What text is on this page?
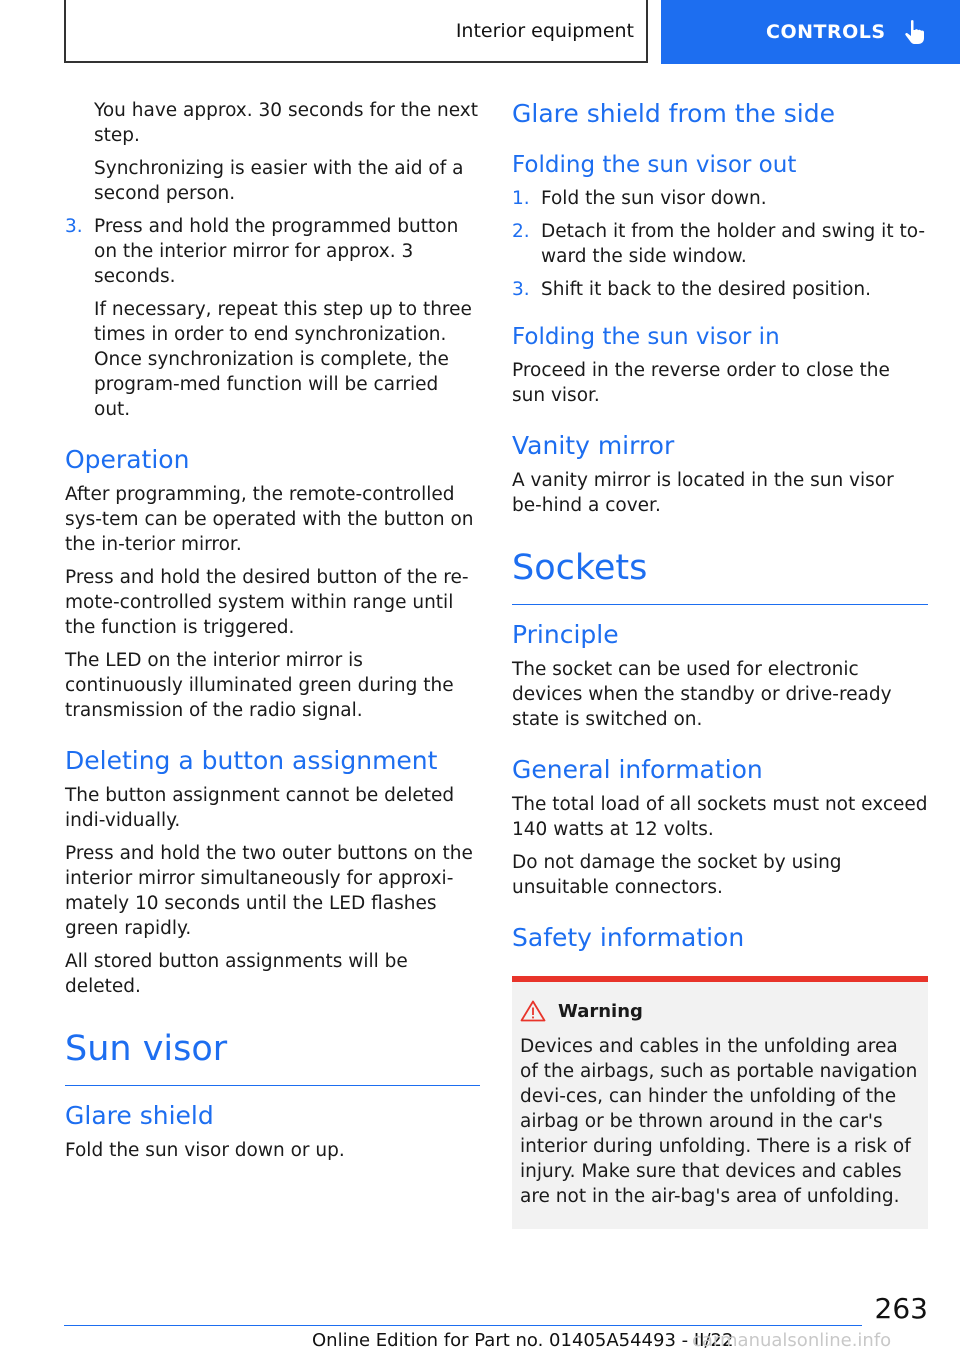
Interior equipment	CONTROLS

You have approx. 30 seconds for the next step.

Synchronizing is easier with the aid of a second person.

3. Press and hold the programmed button on the interior mirror for approx. 3 seconds.

If necessary, repeat this step up to three times in order to end synchronization. Once synchronization is complete, the program-med function will be carried out.

Operation

After programming, the remote-controlled sys-tem can be operated with the button on the in-terior mirror.

Press and hold the desired button of the re-mote-controlled system within range until the function is triggered.

The LED on the interior mirror is continuously illuminated green during the transmission of the radio signal.

Deleting a button assignment

The button assignment cannot be deleted indi-vidually.

Press and hold the two outer buttons on the interior mirror simultaneously for approxi-mately 10 seconds until the LED flashes green rapidly.

All stored button assignments will be deleted.

Sun visor
Glare shield

Fold the sun visor down or up.

Glare shield from the side
Folding the sun visor out
1. Fold the sun visor down.
2. Detach it from the holder and swing it to-ward the side window.
3. Shift it back to the desired position.
Folding the sun visor in

Proceed in the reverse order to close the sun visor.

Vanity mirror

A vanity mirror is located in the sun visor be-hind a cover.

Sockets
Principle

The socket can be used for electronic devices when the standby or drive-ready state is switched on.

General information

The total load of all sockets must not exceed 140 watts at 12 volts.

Do not damage the socket by using unsuitable connectors.

Safety information
Warning

Devices and cables in the unfolding area of the airbags, such as portable navigation devi-ces, can hinder the unfolding of the airbag or be thrown around in the car's interior during unfolding. There is a risk of injury. Make sure that devices and cables are not in the air-bag's area of unfolding.

263
Online Edition for Part no. 01405A54493 - II/22
carmanualsonline.info
